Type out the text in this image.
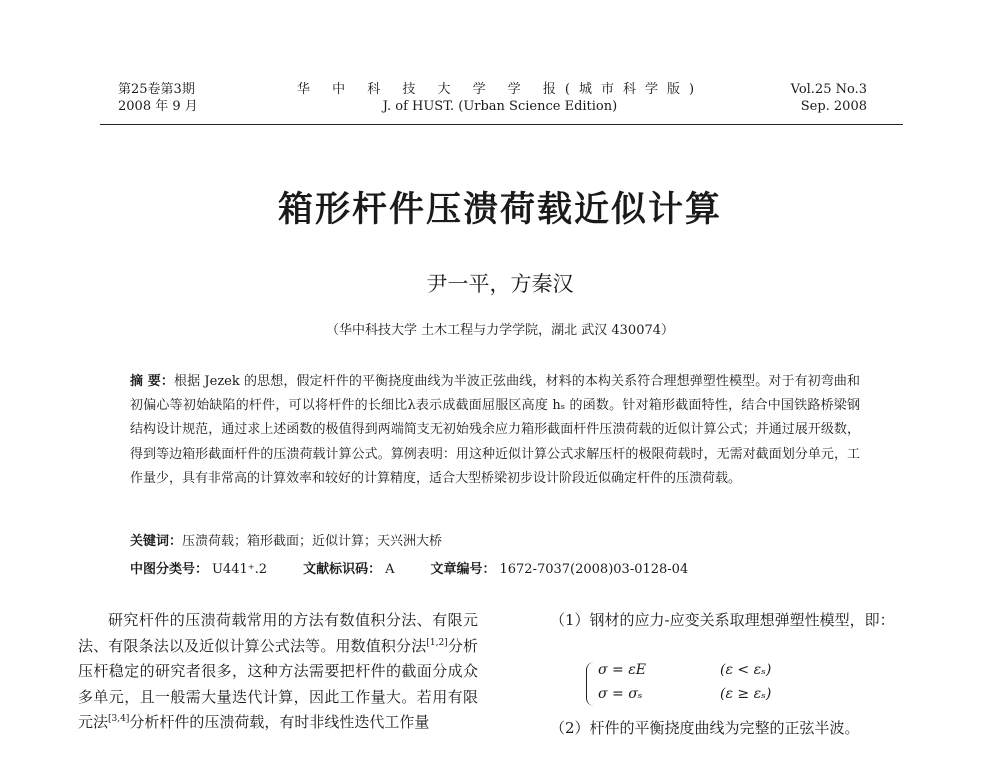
第25卷第3期
2008 年 9 月
华 中 科 技 大 学 学 报(城市科学版)
J. of HUST. (Urban Science Edition)
Vol.25 No.3
Sep. 2008
箱形杆件压溃荷载近似计算
尹一平，方秦汉
（华中科技大学 土木工程与力学学院，湖北 武汉 430074）
摘 要：根据 Jezek 的思想，假定杆件的平衡挠度曲线为半波正弦曲线，材料的本构关系符合理想弹塑性模型。对于有初弯曲和初偏心等初始缺陷的杆件，可以将杆件的长细比λ表示成截面屈服区高度 hₛ 的函数。针对箱形截面特性，结合中国铁路桥梁钢结构设计规范，通过求上述函数的极值得到两端简支无初始残余应力箱形截面杆件压溃荷载的近似计算公式；并通过展开级数，得到等边箱形截面杆件的压溃荷载计算公式。算例表明：用这种近似计算公式求解压杆的极限荷载时，无需对截面划分单元，工作量少，具有非常高的计算效率和较好的计算精度，适合大型桥梁初步设计阶段近似确定杆件的压溃荷载。
关键词：压溃荷载；箱形截面；近似计算；天兴洲大桥
中图分类号： U441⁺.2	文献标识码： A	文章编号： 1672-7037(2008)03-0128-04

研究杆件的压溃荷载常用的方法有数值积分法、有限元法、有限条法以及近似计算公式法等。用数值积分法[1,2]分析压杆稳定的研究者很多，这种方法需要把杆件的截面分成众多单元，且一般需大量迭代计算，因此工作量大。若用有限元法[3,4]分析杆件的压溃荷载，有时非线性迭代工作量

（1）钢材的应力-应变关系取理想弹塑性模型，即：

σ = εE	(ε < εₛ)
σ = σₛ	(ε ≥ εₛ)

（2）杆件的平衡挠度曲线为完整的正弦半波。
